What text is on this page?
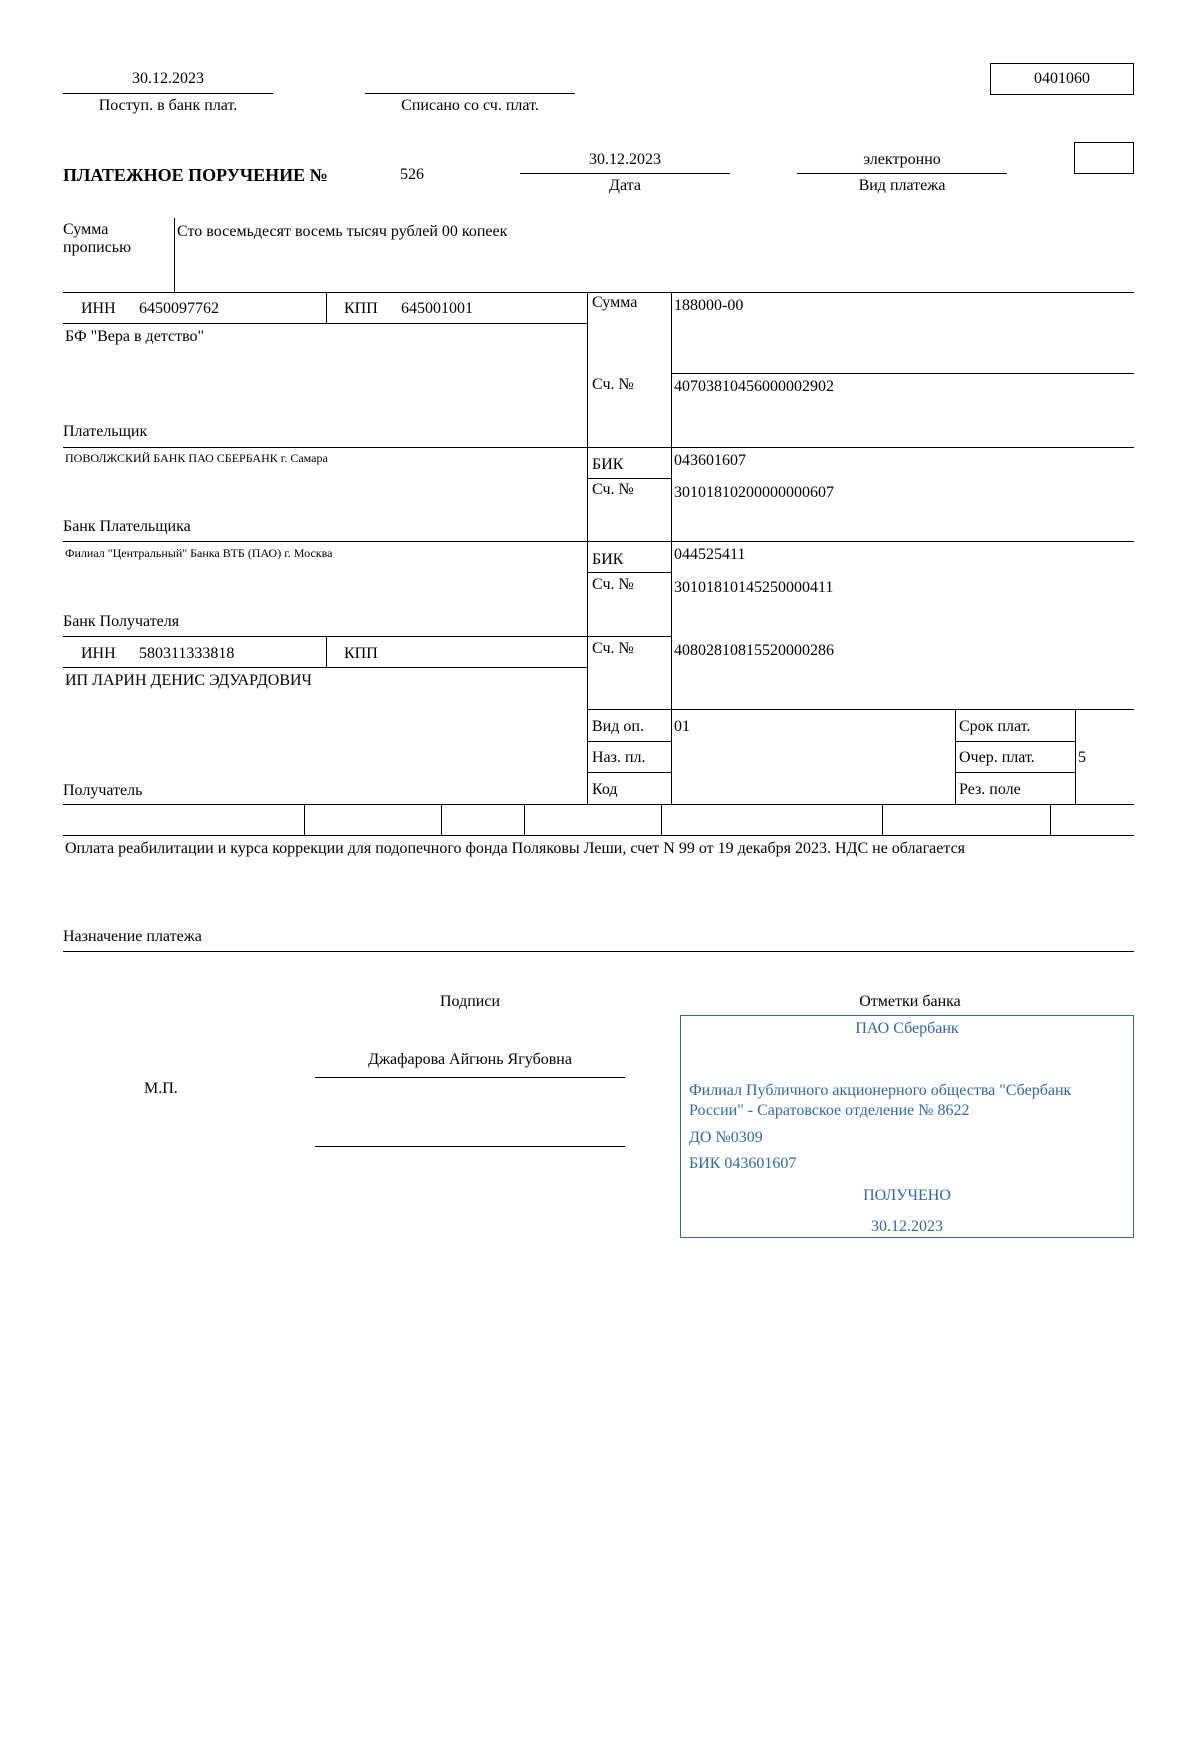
30.12.2023
Поступ. в банк плат.	Списано со сч. плат.
0401060
ПЛАТЕЖНОЕ ПОРУЧЕНИЕ №	526
30.12.2023
Дата
электронно
Вид платежа
Сумма
прописью
Сто восемьдесят восемь тысяч рублей 00 копеек
ИНН 6450097762	КПП 645001001
БФ "Вера в детство"
Плательщик
Сумма 188000-00
Сч. №	40703810456000002902
ПОВОЛЖСКИЙ БАНК ПАО СБЕРБАНК г. Самара
Банк Плательщика
БИК	043601607
Сч. №	30101810200000000607
Филиал "Центральный" Банка ВТБ (ПАО) г. Москва
Банк Получателя
БИК	044525411
Сч. №	30101810145250000411
ИНН 580311333818	КПП
ИП ЛАРИН ДЕНИС ЭДУАРДОВИЧ
Получатель
Сч. №	40802810815520000286
Вид оп. 01
Наз. пл.
Код
Срок плат.
Очер. плат.	5
Рез. поле
Оплата реабилитации и курса коррекции для подопечного фонда Поляковы Леши, счет N 99 от 19 декабря 2023. НДС не облагается
Назначение платежа
Подписи
М.П.
Джафарова Айгюнь Ягубовна
Отметки банка
ПАО Сбербанк
Филиал Публичного акционерного общества "Сбербанк России" - Саратовское отделение № 8622
ДО №0309
БИК 043601607
ПОЛУЧЕНО
30.12.2023
